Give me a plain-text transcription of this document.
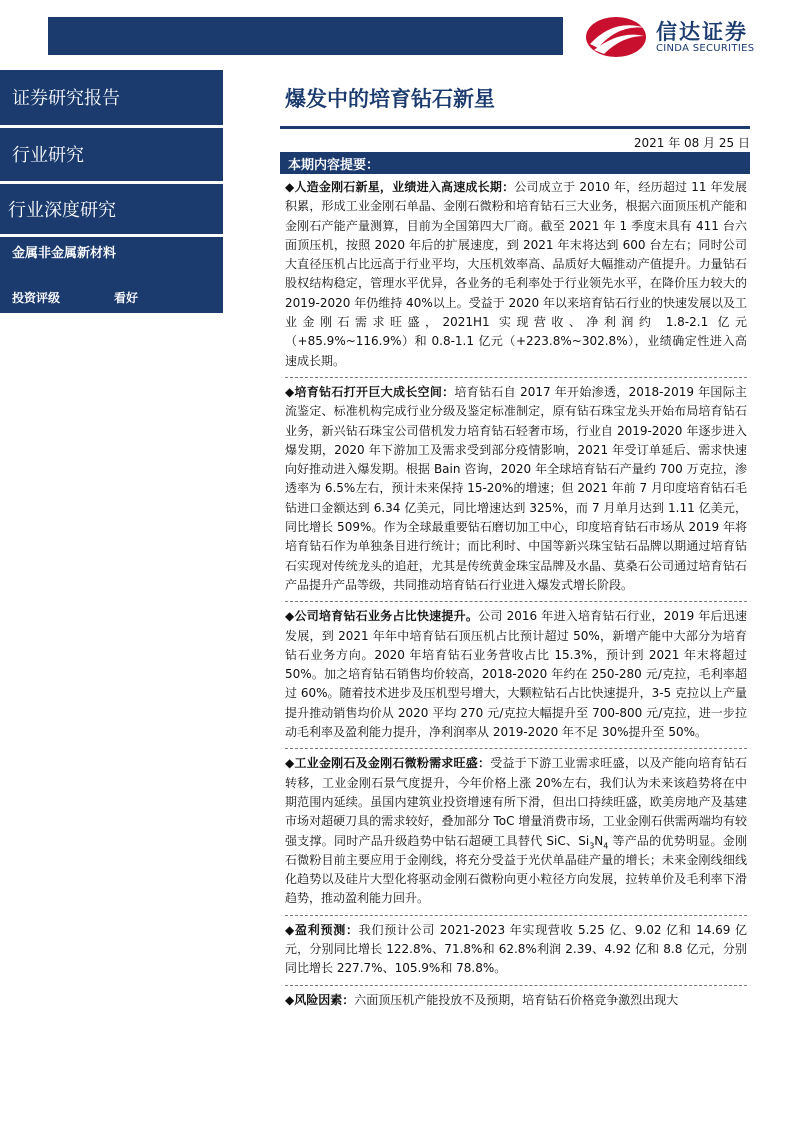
信达证券
CINDA SECURITIES
证券研究报告
行业研究
行业深度研究
金属非金属新材料
投资评级	看好
爆发中的培育钻石新星
2021 年 08 月 25 日
本期内容提要：
◆人造金刚石新星，业绩进入高速成长期：公司成立于 2010 年，经历超过 11 年发展积累，形成工业金刚石单晶、金刚石微粉和培育钻石三大业务，根据六面顶压机产能和金刚石产能产量测算，目前为全国第四大厂商。截至 2021 年 1 季度末具有 411 台六面顶压机，按照 2020 年后的扩展速度，到 2021 年末将达到 600 台左右；同时公司大直径压机占比远高于行业平均，大压机效率高、品质好大幅推动产值提升。力量钻石股权结构稳定，管理水平优异，各业务的毛利率处于行业领先水平，在降价压力较大的 2019-2020 年仍维持 40%以上。受益于 2020 年以来培育钻石行业的快速发展以及工业金刚石需求旺盛，2021H1 实现营收、净利润约 1.8-2.1 亿元（+85.9%~116.9%）和 0.8-1.1 亿元（+223.8%~302.8%），业绩确定性进入高速成长期。
◆培育钻石打开巨大成长空间：培育钻石自 2017 年开始渗透，2018-2019 年国际主流鉴定、标准机构完成行业分级及鉴定标准制定，原有钻石珠宝龙头开始布局培育钻石业务，新兴钻石珠宝公司借机发力培育钻石轻奢市场，行业自 2019-2020 年逐步进入爆发期，2020 年下游加工及需求受到部分疫情影响，2021 年受订单延后、需求快速向好推动进入爆发期。根据 Bain 咨询，2020 年全球培育钻石产量约 700 万克拉，渗透率为 6.5%左右，预计未来保持 15-20%的增速；但 2021 年前 7 月印度培育钻石毛钻进口金额达到 6.34 亿美元，同比增速达到 325%，而 7 月单月达到 1.11 亿美元，同比增长 509%。作为全球最重要钻石磨切加工中心，印度培育钻石市场从 2019 年将培育钻石作为单独条目进行统计；而比利时、中国等新兴珠宝钻石品牌以期通过培育钻石实现对传统龙头的追赶，尤其是传统黄金珠宝品牌及水晶、莫桑石公司通过培育钻石产品提升产品等级，共同推动培育钻石行业进入爆发式增长阶段。
◆公司培育钻石业务占比快速提升。公司 2016 年进入培育钻石行业，2019 年后迅速发展，到 2021 年年中培育钻石顶压机占比预计超过 50%，新增产能中大部分为培育钻石业务方向。2020 年培育钻石业务营收占比 15.3%，预计到 2021 年末将超过 50%。加之培育钻石销售均价较高，2018-2020 年约在 250-280 元/克拉，毛利率超过 60%。随着技术进步及压机型号增大，大颗粒钻石占比快速提升，3-5 克拉以上产量提升推动销售均价从 2020 平均 270 元/克拉大幅提升至 700-800 元/克拉，进一步拉动毛利率及盈利能力提升，净利润率从 2019-2020 年不足 30%提升至 50%。
◆工业金刚石及金刚石微粉需求旺盛：受益于下游工业需求旺盛，以及产能向培育钻石转移，工业金刚石景气度提升，今年价格上涨 20%左右，我们认为未来该趋势将在中期范围内延续。虽国内建筑业投资增速有所下滑，但出口持续旺盛，欧美房地产及基建市场对超硬刀具的需求较好，叠加部分 ToC 增量消费市场，工业金刚石供需两端均有较强支撑。同时产品升级趋势中钻石超硬工具替代 SiC、$Si_3N_4$ 等产品的优势明显。金刚石微粉目前主要应用于金刚线，将充分受益于光伏单晶硅产量的增长；未来金刚线细线化趋势以及硅片大型化将驱动金刚石微粉向更小粒径方向发展，拉转单价及毛利率下滑趋势，推动盈利能力回升。
◆盈利预测：我们预计公司 2021-2023 年实现营收 5.25 亿、9.02 亿和 14.69 亿元，分别同比增长 122.8%、71.8%和 62.8%利润 2.39、4.92 亿和 8.8 亿元，分别同比增长 227.7%、105.9%和 78.8%。
◆风险因素：六面顶压机产能投放不及预期，培育钻石价格竞争激烈出现大
